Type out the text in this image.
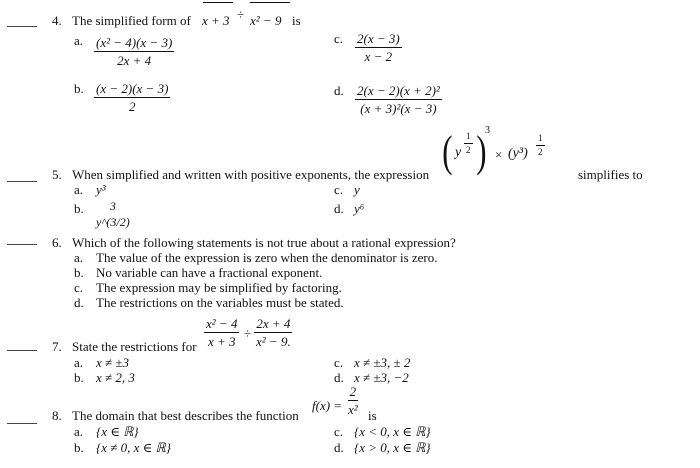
4. The simplified form of x + 3 ÷ x² − 9 is
a. $\frac{\text{(x² − 4)(x − 3)}}{2x + 4}$
b. $\frac{(x - 2)(x - 3)}{2}$
c. $\frac{2(x - 3)}{x - 2}$
d. $\frac{\text{2(x − 2)(x + 2)²}}{\text{(x + 3)²(x − 3)}}$
5. When simplified and written with positive exponents, the expression ( y $\frac{1}{2}$ )
3
× $(y^3) \frac{1}{2}$
simplifies to
a. y³
b. 3
y^(3/2)
c. y
d. y⁶
6. Which of the following statements is not true about a rational expression?
a. The value of the expression is zero when the denominator is zero.
b. No variable can have a fractional exponent.
c. The expression may be simplified by factoring.
d. The restrictions on the variables must be stated.
7. State the restrictions for $\frac{\text{x² − 4}}{x + 3} \div \frac{2x + 4}{\text{x² − 9.}}$
a. x ≠ ±3
b. x ≠ 2, 3
c. x ≠ ±3, ± 2
d. x ≠ ±3, −2
8. The domain that best describes the function
$f(x) = \frac{2}{\text{x²}}$ is
a. {x ∈ ℝ}
b. {x ≠ 0, x ∈ ℝ}
c. {x < 0, x ∈ ℝ}
d. {x > 0, x ∈ ℝ}
